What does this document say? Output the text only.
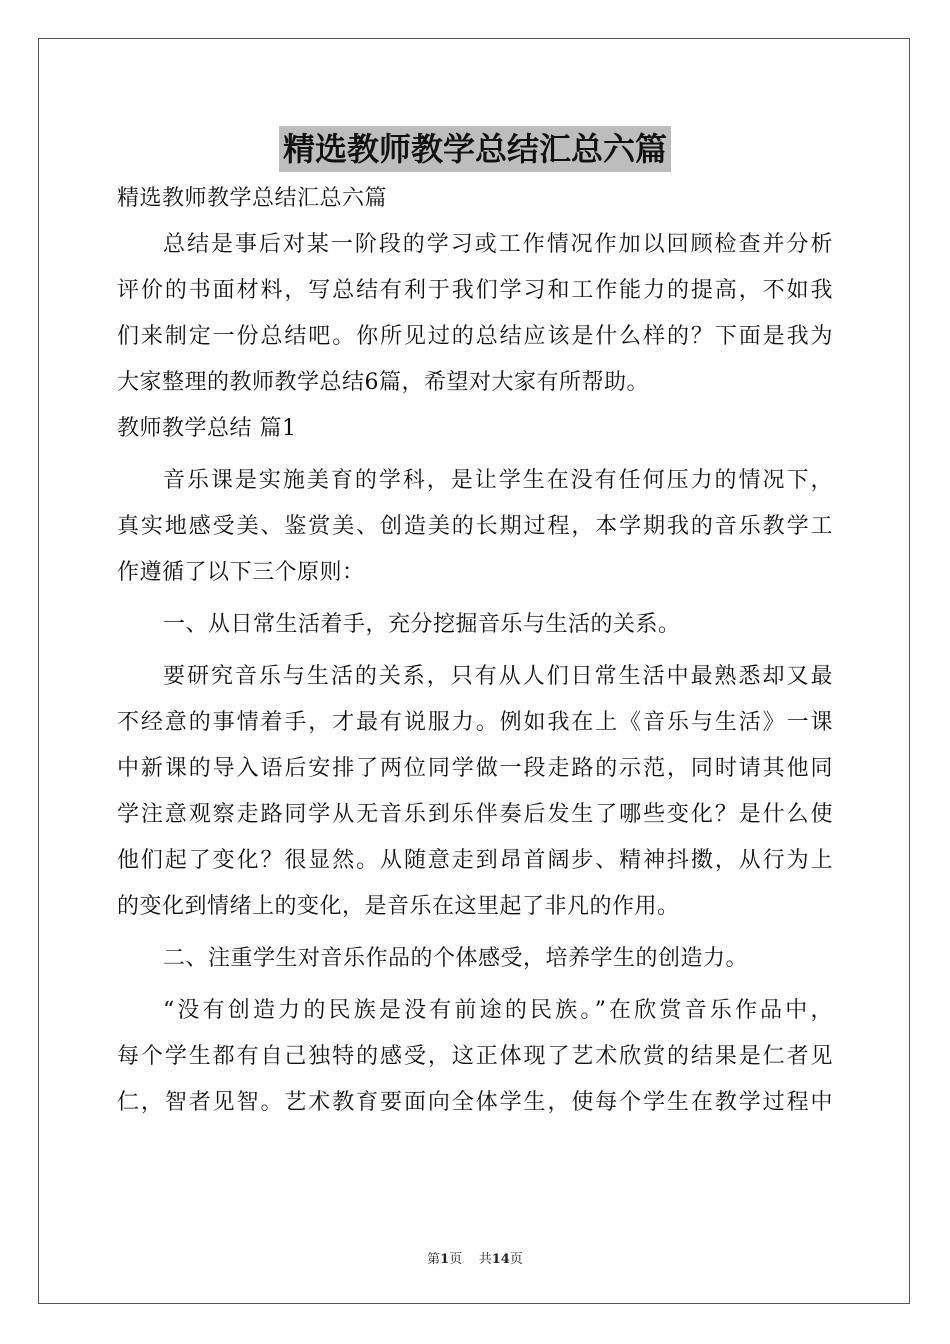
精选教师教学总结汇总六篇
精选教师教学总结汇总六篇
总结是事后对某一阶段的学习或工作情况作加以回顾检查并分析
评价的书面材料，写总结有利于我们学习和工作能力的提高，不如我
们来制定一份总结吧。你所见过的总结应该是什么样的？下面是我为
大家整理的教师教学总结6篇，希望对大家有所帮助。
教师教学总结 篇1
音乐课是实施美育的学科，是让学生在没有任何压力的情况下，
真实地感受美、鉴赏美、创造美的长期过程，本学期我的音乐教学工
作遵循了以下三个原则：
一、从日常生活着手，充分挖掘音乐与生活的关系。
要研究音乐与生活的关系，只有从人们日常生活中最熟悉却又最
不经意的事情着手，才最有说服力。例如我在上《音乐与生活》一课
中新课的导入语后安排了两位同学做一段走路的示范，同时请其他同
学注意观察走路同学从无音乐到乐伴奏后发生了哪些变化？是什么使
他们起了变化？很显然。从随意走到昂首阔步、精神抖擞，从行为上
的变化到情绪上的变化，是音乐在这里起了非凡的作用。
二、注重学生对音乐作品的个体感受，培养学生的创造力。
“没有创造力的民族是没有前途的民族。”在欣赏音乐作品中，
每个学生都有自己独特的感受，这正体现了艺术欣赏的结果是仁者见
仁，智者见智。艺术教育要面向全体学生，使每个学生在教学过程中
第1页 共14页
